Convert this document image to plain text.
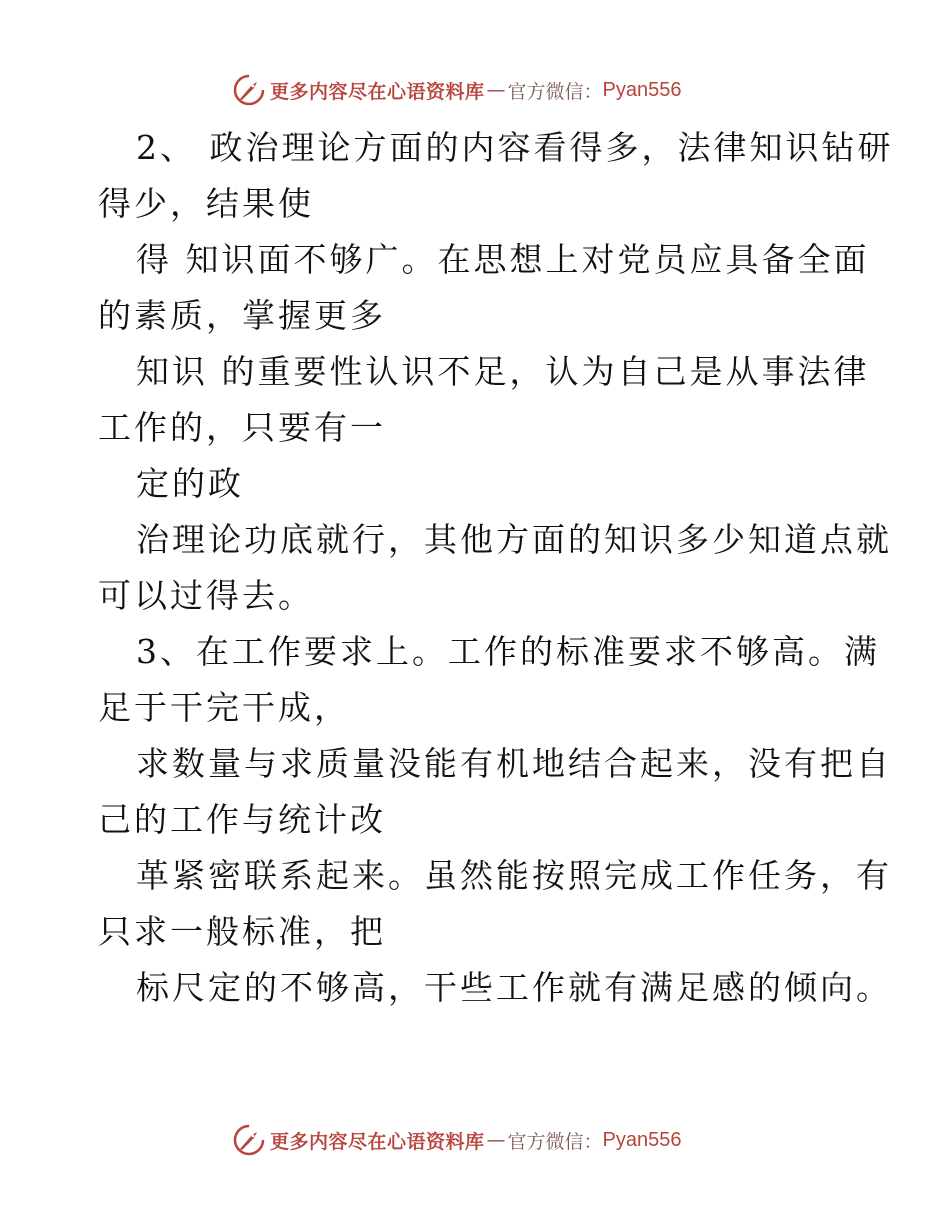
更多内容尽在心语资料库 — 官方微信： Pyan556
2、 政治理论方面的内容看得多，法律知识钻研
得少，结果使
得 知识面不够广。在思想上对党员应具备全面
的素质，掌握更多
知识 的重要性认识不足，认为自己是从事法律
工作的，只要有一
定的政
治理论功底就行，其他方面的知识多少知道点就
可以过得去。
3、在工作要求上。工作的标准要求不够高。满
足于干完干成，
求数量与求质量没能有机地结合起来，没有把自
己的工作与统计改
革紧密联系起来。虽然能按照完成工作任务，有
只求一般标准，把
标尺定的不够高，干些工作就有满足感的倾向。
更多内容尽在心语资料库 — 官方微信： Pyan556
